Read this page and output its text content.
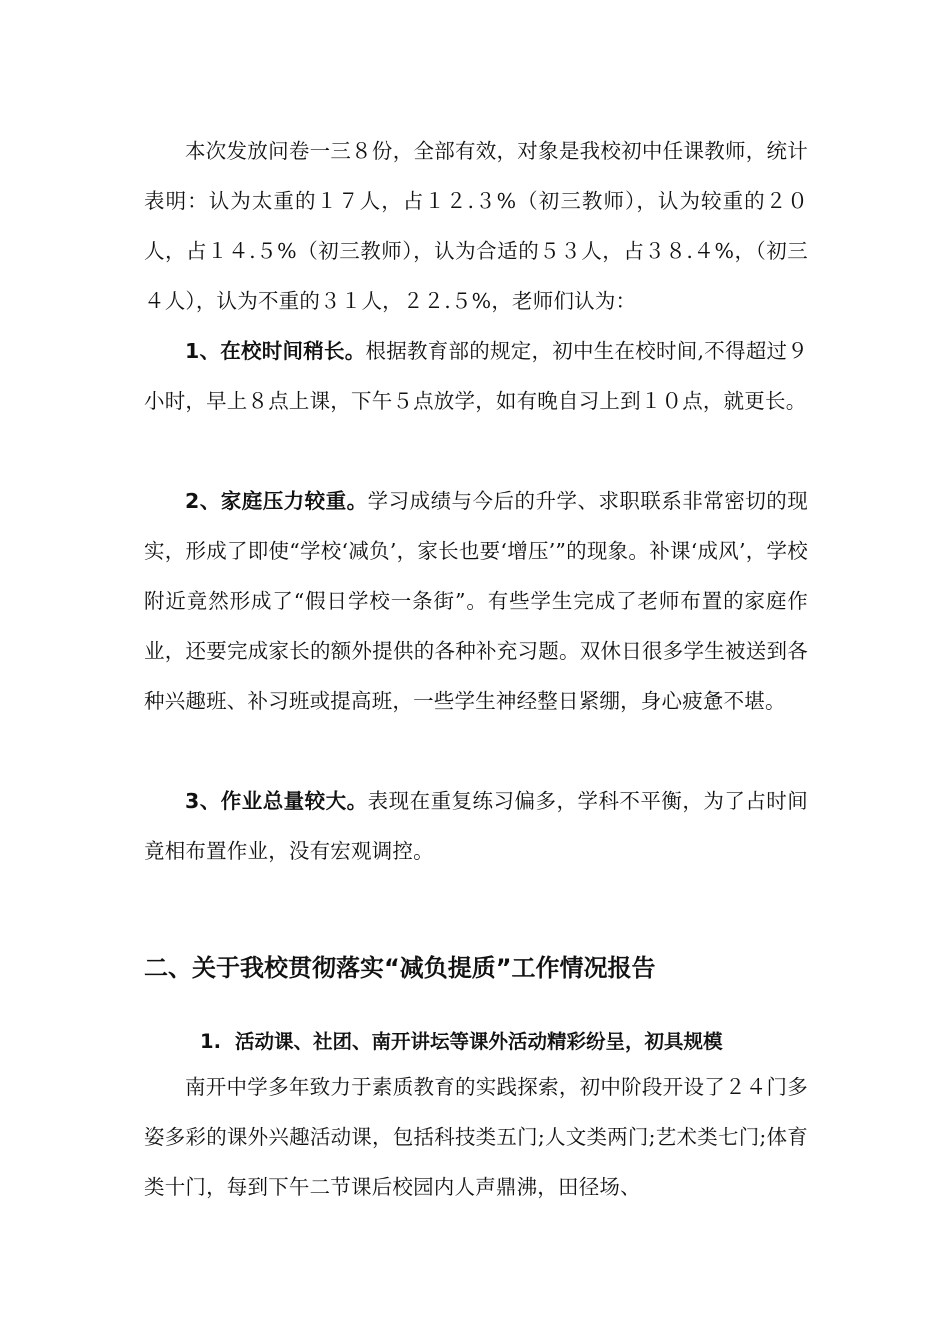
本次发放问卷一三８份，全部有效，对象是我校初中任课教师，统计表明：认为太重的１７人，占１２.３%（初三教师），认为较重的２０人，占１４.５%（初三教师），认为合适的５３人，占３８.４%，（初三４人），认为不重的３１人，２２.５%，老师们认为：

1、在校时间稍长。根据教育部的规定，初中生在校时间,不得超过９小时，早上８点上课，下午５点放学，如有晚自习上到１０点，就更长。

2、家庭压力较重。学习成绩与今后的升学、求职联系非常密切的现实，形成了即使“学校‘减负’，家长也要‘增压’”的现象。补课‘成风’，学校附近竟然形成了“假日学校一条街”。有些学生完成了老师布置的家庭作业，还要完成家长的额外提供的各种补充习题。双休日很多学生被送到各种兴趣班、补习班或提高班，一些学生神经整日紧绷，身心疲惫不堪。

3、作业总量较大。表现在重复练习偏多，学科不平衡，为了占时间竟相布置作业，没有宏观调控。

二、关于我校贯彻落实“减负提质”工作情况报告
1. 活动课、社团、南开讲坛等课外活动精彩纷呈，初具规模

南开中学多年致力于素质教育的实践探索，初中阶段开设了２４门多姿多彩的课外兴趣活动课，包括科技类五门;人文类两门;艺术类七门;体育类十门，每到下午二节课后校园内人声鼎沸，田径场、
